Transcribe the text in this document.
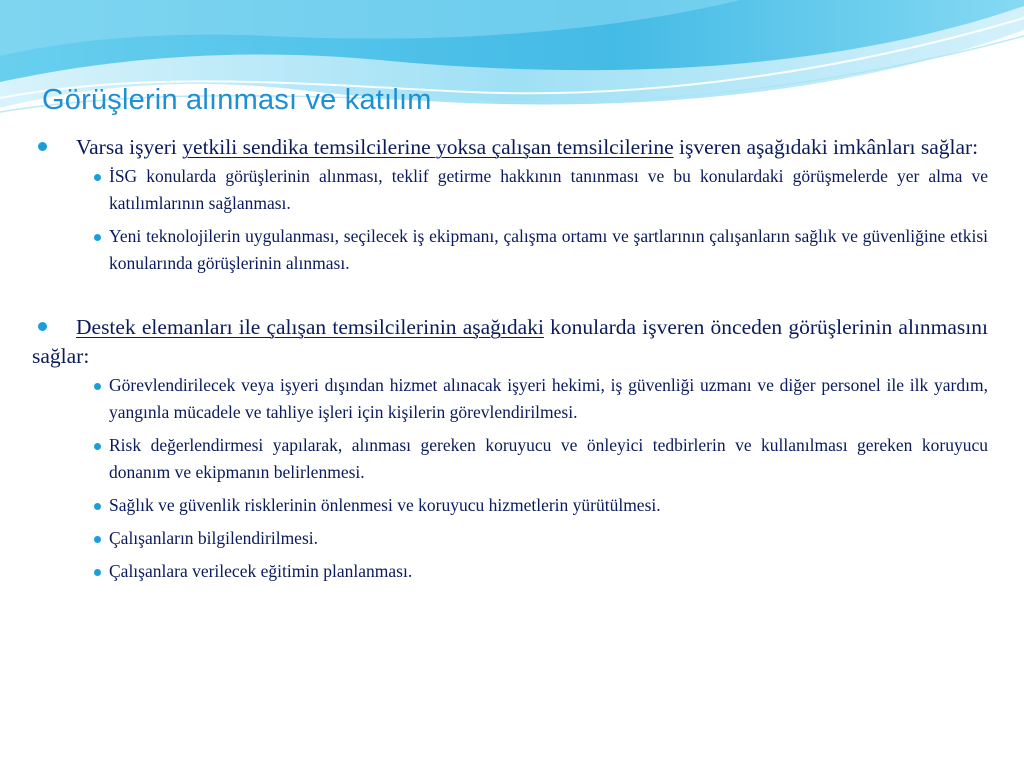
Görüşlerin alınması ve katılım

Varsa işyeri yetkili sendika temsilcilerine yoksa çalışan temsilcilerine işveren aşağıdaki imkânları sağlar:

İSG konularda görüşlerinin alınması, teklif getirme hakkının tanınması ve bu konulardaki görüşmelerde yer alma ve katılımlarının sağlanması.

Yeni teknolojilerin uygulanması, seçilecek iş ekipmanı, çalışma ortamı ve şartlarının çalışanların sağlık ve güvenliğine etkisi konularında görüşlerinin alınması.

Destek elemanları ile çalışan temsilcilerinin aşağıdaki konularda işveren önceden görüşlerinin alınmasını sağlar:

Görevlendirilecek veya işyeri dışından hizmet alınacak işyeri hekimi, iş güvenliği uzmanı ve diğer personel ile ilk yardım, yangınla mücadele ve tahliye işleri için kişilerin görevlendirilmesi.

Risk değerlendirmesi yapılarak, alınması gereken koruyucu ve önleyici tedbirlerin ve kullanılması gereken koruyucu donanım ve ekipmanın belirlenmesi.

Sağlık ve güvenlik risklerinin önlenmesi ve koruyucu hizmetlerin yürütülmesi.

Çalışanların bilgilendirilmesi.

Çalışanlara verilecek eğitimin planlanması.
